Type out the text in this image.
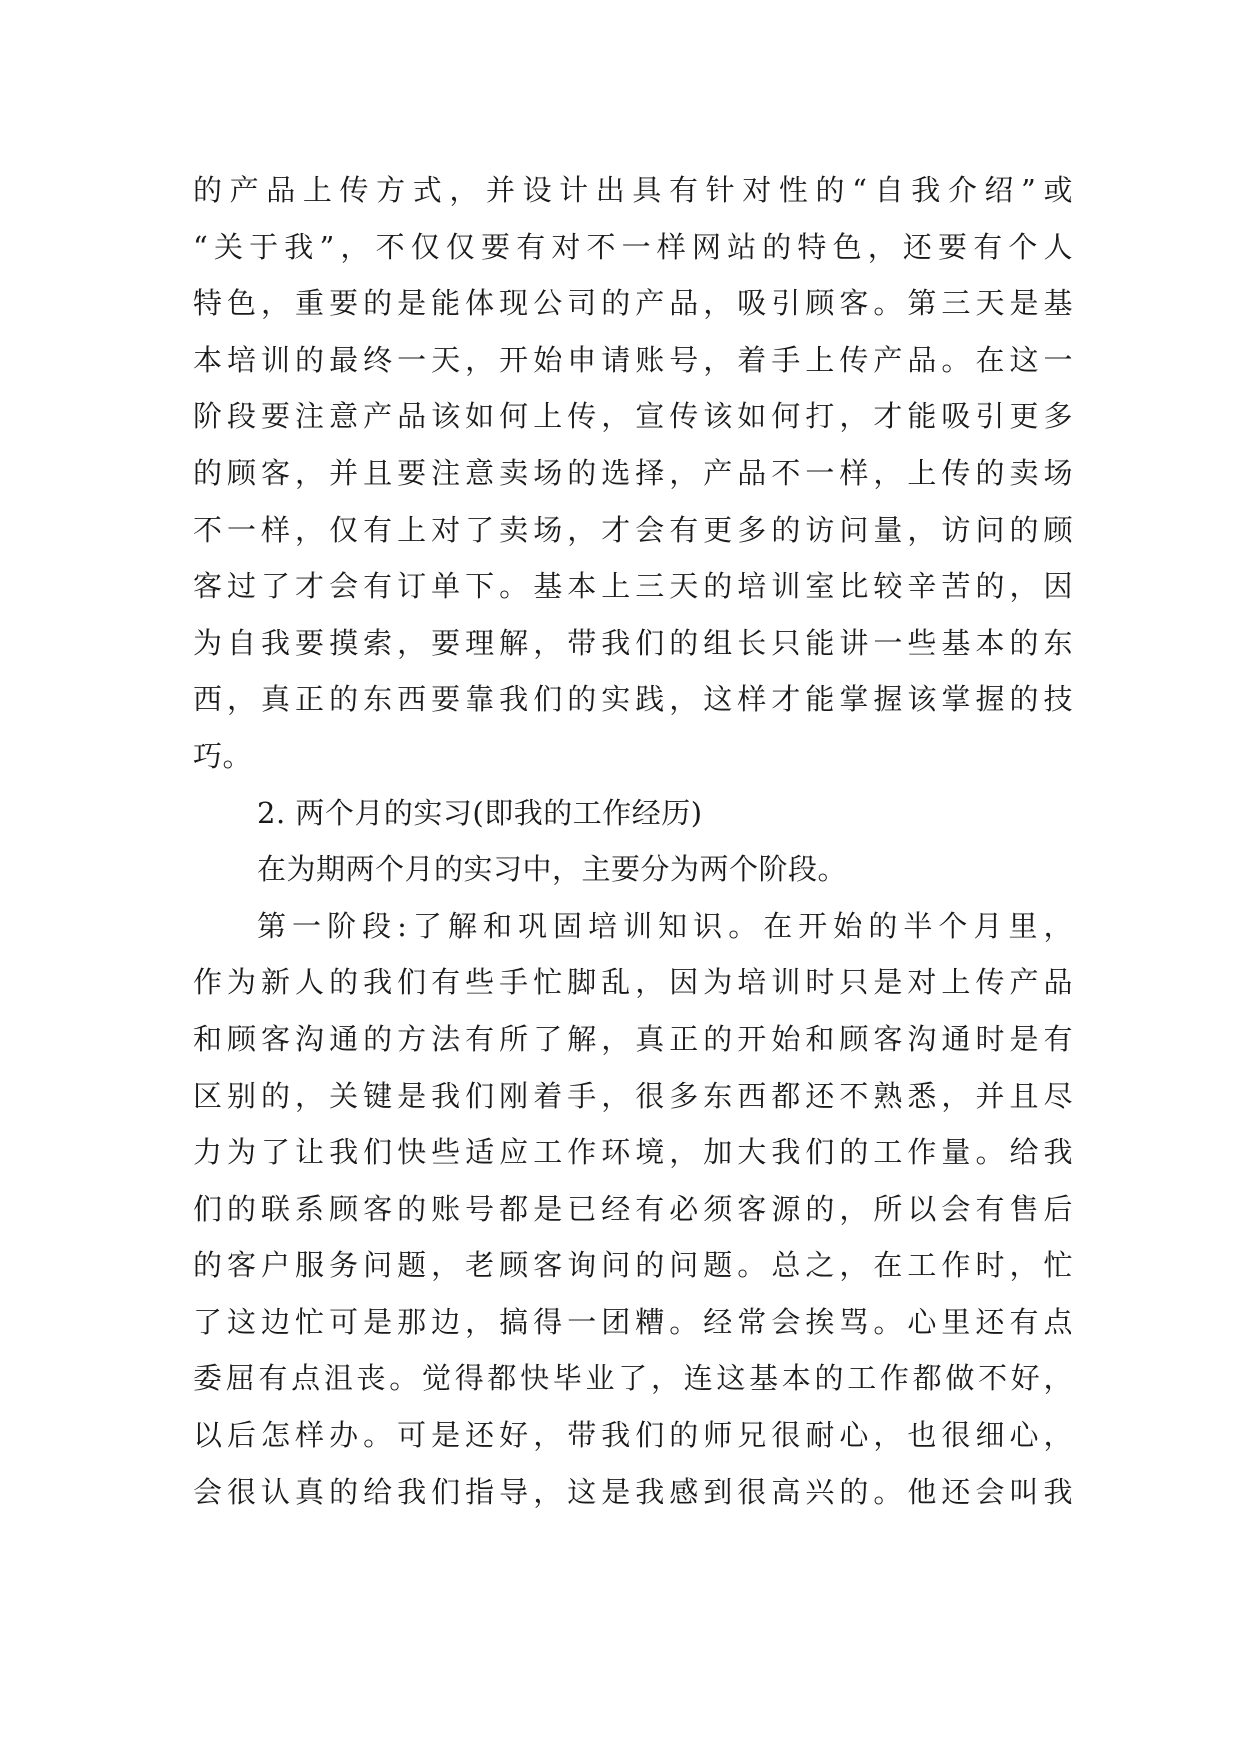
的产品上传方式，并设计出具有针对性的“自我介绍”或
“关于我”，不仅仅要有对不一样网站的特色，还要有个人
特色，重要的是能体现公司的产品，吸引顾客。第三天是基
本培训的最终一天，开始申请账号，着手上传产品。在这一
阶段要注意产品该如何上传，宣传该如何打，才能吸引更多
的顾客，并且要注意卖场的选择，产品不一样，上传的卖场
不一样，仅有上对了卖场，才会有更多的访问量，访问的顾
客过了才会有订单下。基本上三天的培训室比较辛苦的，因
为自我要摸索，要理解，带我们的组长只能讲一些基本的东
西，真正的东西要靠我们的实践，这样才能掌握该掌握的技
巧。
2. 两个月的实习(即我的工作经历)
在为期两个月的实习中，主要分为两个阶段。
第一阶段:了解和巩固培训知识。在开始的半个月里，
作为新人的我们有些手忙脚乱，因为培训时只是对上传产品
和顾客沟通的方法有所了解，真正的开始和顾客沟通时是有
区别的，关键是我们刚着手，很多东西都还不熟悉，并且尽
力为了让我们快些适应工作环境，加大我们的工作量。给我
们的联系顾客的账号都是已经有必须客源的，所以会有售后
的客户服务问题，老顾客询问的问题。总之，在工作时，忙
了这边忙可是那边，搞得一团糟。经常会挨骂。心里还有点
委屈有点沮丧。觉得都快毕业了，连这基本的工作都做不好，
以后怎样办。可是还好，带我们的师兄很耐心，也很细心，
会很认真的给我们指导，这是我感到很高兴的。他还会叫我
